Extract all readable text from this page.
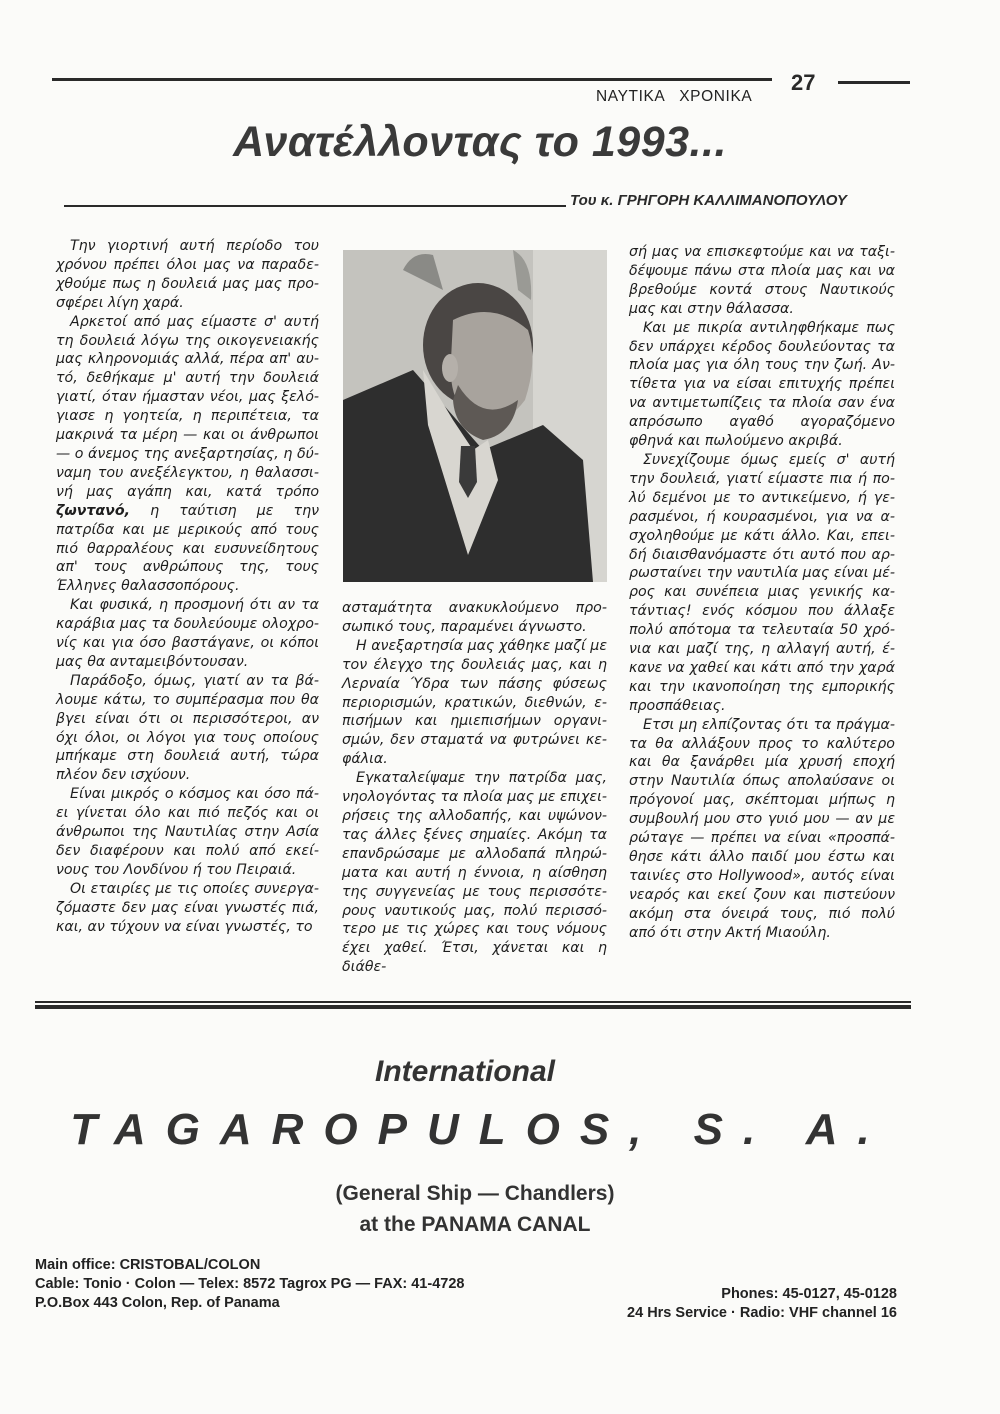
ΝΑΥΤΙΚΑ   ΧΡΟΝΙΚΑ
27
Ανατέλλοντας το 1993...
Του κ. ΓΡΗΓΟΡΗ ΚΑΛΛΙΜΑΝΟΠΟΥΛΟΥ

Την γιορτινή αυτή περίοδο του χρόνου πρέπει όλοι μας να παραδεχθούμε πως η δουλειά μας μας προσφέρει λίγη χαρά.

Αρκετοί από μας είμαστε σ' αυτή τη δουλειά λόγω της οικογενειακής μας κληρονομιάς αλλά, πέρα απ' αυτό, δεθήκαμε μ' αυτή την δουλειά γιατί, όταν ήμασταν νέοι, μας ξελόγιασε η γοητεία, η περιπέτεια, τα μακρινά τα μέρη — και οι άνθρωποι — ο άνεμος της ανεξαρτησίας, η δύναμη του ανεξέλεγκτου, η θαλασσινή μας αγάπη και, κατά τρόπο ζωντανό, η ταύτιση με την πατρίδα και με μερικούς από τους πιό θαρραλέους και ευσυνείδητους απ' τους ανθρώπους της, τους Έλληνες θαλασσοπόρους.

Και φυσικά, η προσμονή ότι αν τα καράβια μας τα δουλεύουμε ολοχρονίς και για όσο βαστάγανε, οι κόποι μας θα ανταμειβόντουσαν.

Παράδοξο, όμως, γιατί αν τα βάλουμε κάτω, το συμπέρασμα που θα βγει είναι ότι οι περισσότεροι, αν όχι όλοι, οι λόγοι για τους οποίους μπήκαμε στη δουλειά αυτή, τώρα πλέον δεν ισχύουν.

Είναι μικρός ο κόσμος και όσο πάει γίνεται όλο και πιό πεζός και οι άνθρωποι της Ναυτιλίας στην Ασία δεν διαφέρουν και πολύ από εκείνους του Λονδίνου ή του Πειραιά.

Οι εταιρίες με τις οποίες συνεργαζόμαστε δεν μας είναι γνωστές πιά, και, αν τύχουν να είναι γνωστές, το

ασταμάτητα ανακυκλούμενο προσωπικό τους, παραμένει άγνωστο.

Η ανεξαρτησία μας χάθηκε μαζί με τον έλεγχο της δουλειάς μας, και η Λερναία Ύδρα των πάσης φύσεως περιορισμών, κρατικών, διεθνών, επισήμων και ημιεπισήμων οργανισμών, δεν σταματά να φυτρώνει κεφάλια.

Εγκαταλείψαμε την πατρίδα μας, νηολογόντας τα πλοία μας με επιχειρήσεις της αλλοδαπής, και υψώνοντας άλλες ξένες σημαίες. Ακόμη τα επανδρώσαμε με αλλοδαπά πληρώματα και αυτή η έννοια, η αίσθηση της συγγενείας με τους περισσότερους ναυτικούς μας, πολύ περισσότερο με τις χώρες και τους νόμους έχει χαθεί. Έτσι, χάνεται και η διάθε-

σή μας να επισκεφτούμε και να ταξιδέψουμε πάνω στα πλοία μας και να βρεθούμε κοντά στους Ναυτικούς μας και στην θάλασσα.

Και με πικρία αντιληφθήκαμε πως δεν υπάρχει κέρδος δουλεύοντας τα πλοία μας για όλη τους την ζωή. Αντίθετα για να είσαι επιτυχής πρέπει να αντιμετωπίζεις τα πλοία σαν ένα απρόσωπο αγαθό αγοραζόμενο φθηνά και πωλούμενο ακριβά.

Συνεχίζουμε όμως εμείς σ' αυτή την δουλειά, γιατί είμαστε πια ή πολύ δεμένοι με το αντικείμενο, ή γερασμένοι, ή κουρασμένοι, για να ασχοληθούμε με κάτι άλλο. Και, επειδή διαισθανόμαστε ότι αυτό που αρρωσταίνει την ναυτιλία μας είναι μέρος και συνέπεια μιας γενικής κατάντιας! ενός κόσμου που άλλαξε πολύ απότομα τα τελευταία 50 χρόνια και μαζί της, η αλλαγή αυτή, έκανε να χαθεί και κάτι από την χαρά και την ικανοποίηση της εμπορικής προσπάθειας.

Ετσι μη ελπίζοντας ότι τα πράγματα θα αλλάξουν προς το καλύτερο και θα ξανάρθει μία χρυσή εποχή στην Ναυτιλία όπως απολαύσανε οι πρόγονοί μας, σκέπτομαι μήπως η συμβουλή μου στο γυιό μου — αν με ρώταγε — πρέπει να είναι «προσπάθησε κάτι άλλο παιδί μου έστω και ταινίες στο Hollywood», αυτός είναι νεαρός και εκεί ζουν και πιστεύουν ακόμη στα όνειρά τους, πιό πολύ από ότι στην Ακτή Μιαούλη.

International
TAGAROPULOS, S. A.
(General Ship — Chandlers)
at the PANAMA CANAL
Main office: CRISTOBAL/COLON
Cable: Tonio · Colon — Telex: 8572 Tagrox PG — FAX: 41-4728
P.O.Box 443 Colon, Rep. of Panama
Phones: 45-0127, 45-0128
24 Hrs Service · Radio: VHF channel 16
